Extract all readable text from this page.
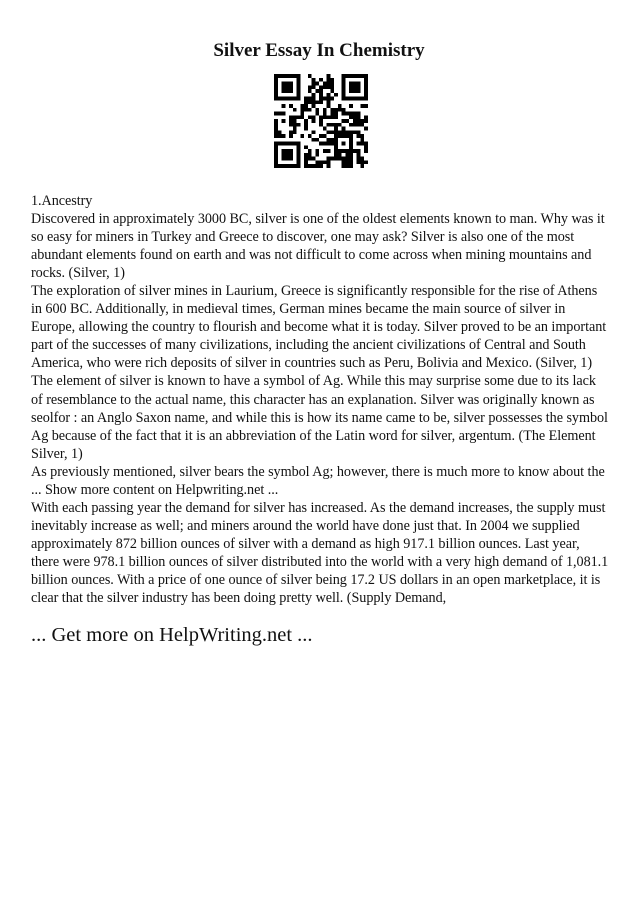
Silver Essay In Chemistry

1.Ancestry

Discovered in approximately 3000 BC, silver is one of the oldest elements known to man. Why was it so easy for miners in Turkey and Greece to discover, one may ask? Silver is also one of the most abundant elements found on earth and was not difficult to come across when mining mountains and rocks. (Silver, 1)

The exploration of silver mines in Laurium, Greece is significantly responsible for the rise of Athens in 600 BC. Additionally, in medieval times, German mines became the main source of silver in Europe, allowing the country to flourish and become what it is today. Silver proved to be an important part of the successes of many civilizations, including the ancient civilizations of Central and South America, who were rich deposits of silver in countries such as Peru, Bolivia and Mexico. (Silver, 1)

The element of silver is known to have a symbol of Ag. While this may surprise some due to its lack of resemblance to the actual name, this character has an explanation. Silver was originally known as seolfor : an Anglo Saxon name, and while this is how its name came to be, silver possesses the symbol Ag because of the fact that it is an abbreviation of the Latin word for silver, argentum. (The Element Silver, 1)

As previously mentioned, silver bears the symbol Ag; however, there is much more to know about the ... Show more content on Helpwriting.net ...

With each passing year the demand for silver has increased. As the demand increases, the supply must inevitably increase as well; and miners around the world have done just that. In 2004 we supplied approximately 872 billion ounces of silver with a demand as high 917.1 billion ounces. Last year, there were 978.1 billion ounces of silver distributed into the world with a very high demand of 1,081.1 billion ounces. With a price of one ounce of silver being 17.2 US dollars in an open marketplace, it is clear that the silver industry has been doing pretty well. (Supply Demand,

... Get more on HelpWriting.net ...
